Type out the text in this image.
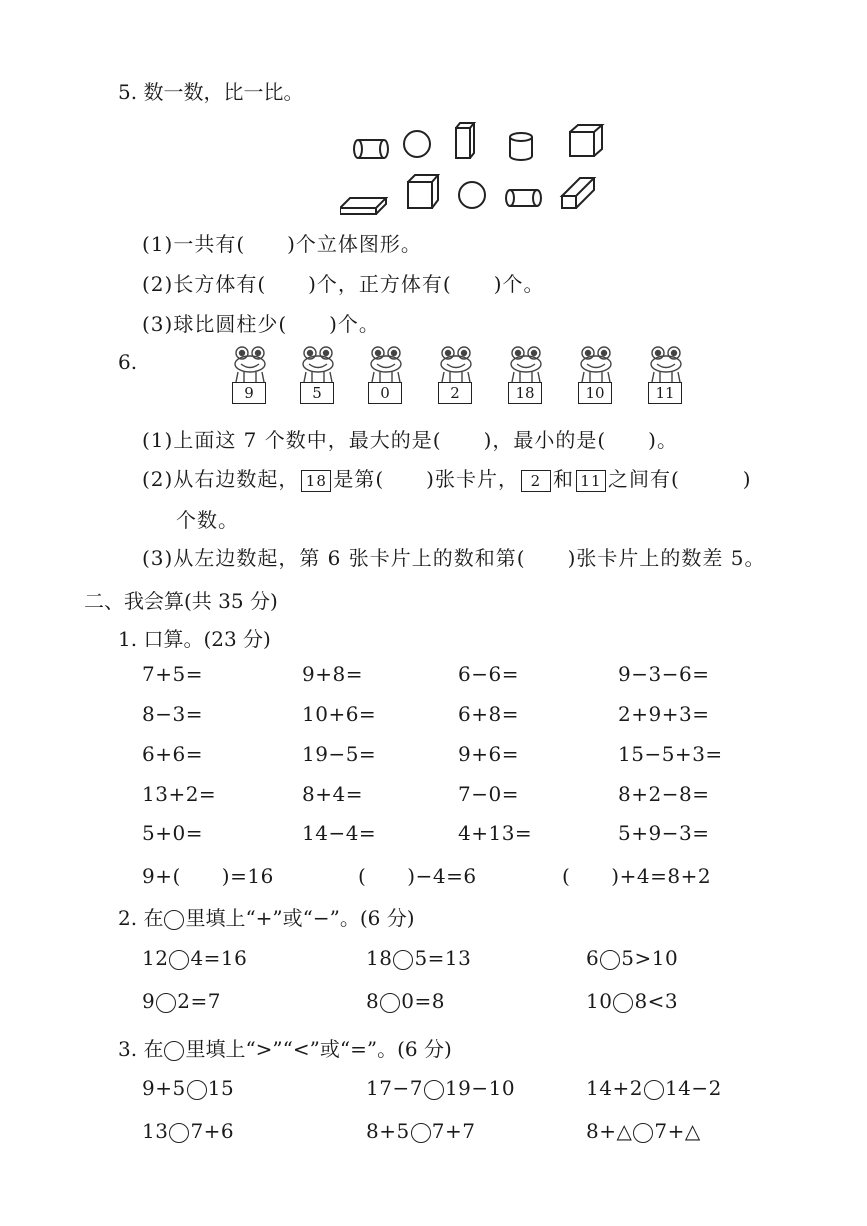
5. 数一数，比一比。
(1)一共有(　　)个立体图形。
(2)长方体有(　　)个，正方体有(　　)个。
(3)球比圆柱少(　　)个。
6.
9	5	0	2	18	10	11
(1)上面这 7 个数中，最大的是(　　)，最小的是(　　)。
(2)从右边数起， 18 是第(　　)张卡片， 2 和 11 之间有(　　　)
个数。
(3)从左边数起，第 6 张卡片上的数和第(　　)张卡片上的数差 5。
二、我会算(共 35 分)
1. 口算。(23 分)
7+5=	9+8=	6−6=	9−3−6=
8−3=	10+6=	6+8=	2+9+3=
6+6=	19−5=	9+6=	15−5+3=
13+2=	8+4=	7−0=	8+2−8=
5+0=	14−4=	4+13=	5+9−3=
9+(　　)=16	(　　)−4=6	(　　)+4=8+2
2. 在 里填上“+”或“−”。(6 分)
12 4=16	18 5=13	6 5>10
9 2=7	8 0=8	10 8<3
3. 在 里填上“>”“<”或“=”。(6 分)
9+5 15	17−7 19−10	14+2 14−2
13 7+6	8+5 7+7	8+△ 7+△
